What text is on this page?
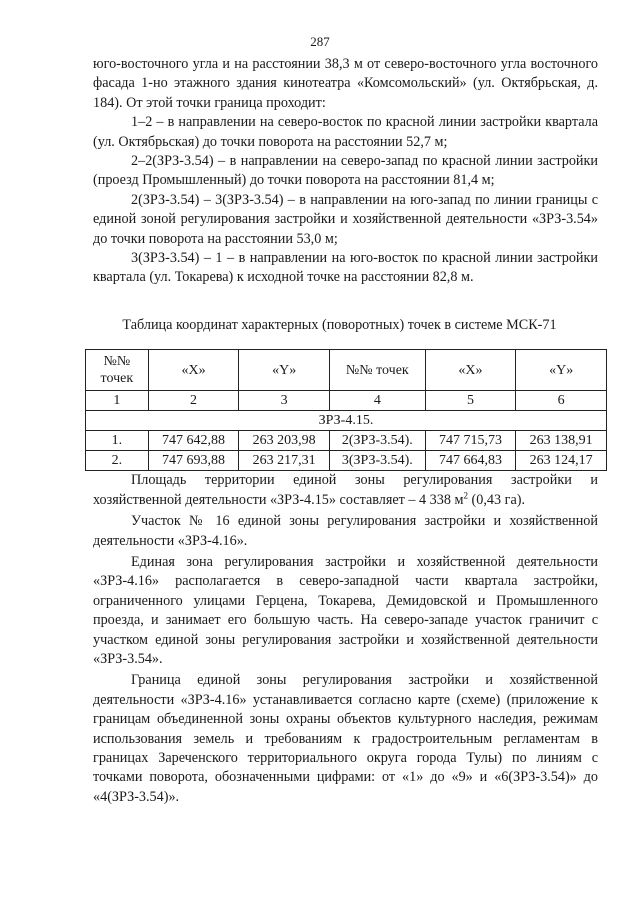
287

юго-восточного угла и на расстоянии 38,3 м от северо-восточного угла восточного фасада 1-но этажного здания кинотеатра «Комсомольский» (ул. Октябрьская, д. 184). От этой точки граница проходит:

1–2 – в направлении на северо-восток по красной линии застройки квартала (ул. Октябрьская) до точки поворота на расстоянии 52,7 м;

2–2(ЗРЗ-3.54) – в направлении на северо-запад по красной линии застройки (проезд Промышленный) до точки поворота на расстоянии 81,4 м;

2(ЗРЗ-3.54) – 3(ЗРЗ-3.54) – в направлении на юго-запад по линии границы с единой зоной регулирования застройки и хозяйственной деятельности «ЗРЗ-3.54» до точки поворота на расстоянии 53,0 м;

3(ЗРЗ-3.54) – 1 – в направлении на юго-восток по красной линии застройки квартала (ул. Токарева) к исходной точке на расстоянии 82,8 м.

Таблица координат характерных (поворотных) точек в системе МСК-71
№№ точек	«X»	«Y»	№№ точек	«X»	«Y»
1	2	3	4	5	6
ЗРЗ-4.15.					
1.	747 642,88	263 203,98	2(ЗРЗ-3.54).	747 715,73	263 138,91
2.	747 693,88	263 217,31	3(ЗРЗ-3.54).	747 664,83	263 124,17

Площадь территории единой зоны регулирования застройки и хозяйственной деятельности «ЗРЗ-4.15» составляет – 4 338 $м^2$ (0,43 га).

Участок № 16 единой зоны регулирования застройки и хозяйственной деятельности «ЗРЗ-4.16».

Единая зона регулирования застройки и хозяйственной деятельности «ЗРЗ-4.16» располагается в северо-западной части квартала застройки, ограниченного улицами Герцена, Токарева, Демидовской и Промышленного проезда, и занимает его большую часть. На северо-западе участок граничит с участком единой зоны регулирования застройки и хозяйственной деятельности «ЗРЗ-3.54».

Граница единой зоны регулирования застройки и хозяйственной деятельности «ЗРЗ-4.16» устанавливается согласно карте (схеме) (приложение к границам объединенной зоны охраны объектов культурного наследия, режимам использования земель и требованиям к градостроительным регламентам в границах Зареченского территориального округа города Тулы) по линиям с точками поворота, обозначенными цифрами: от «1» до «9» и «6(ЗРЗ-3.54)» до «4(ЗРЗ-3.54)».
